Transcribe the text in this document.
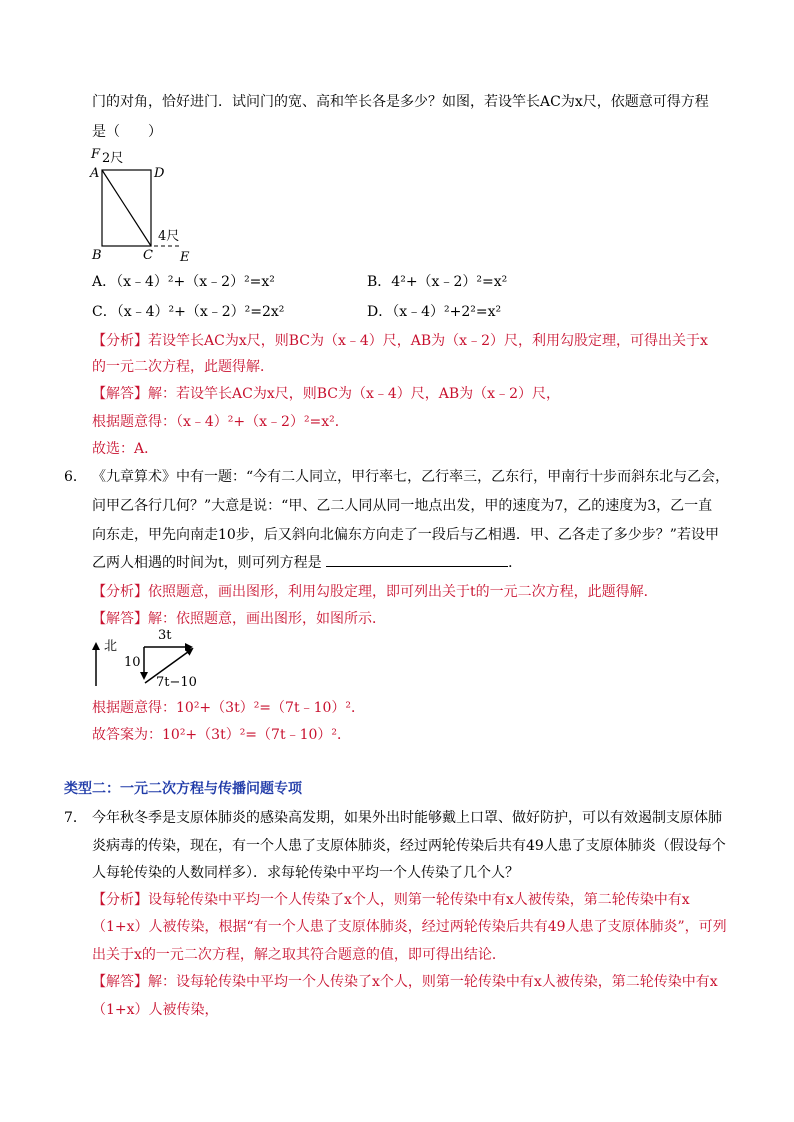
门的对角，恰好进门．试问门的宽、高和竿长各是多少？如图，若设竿长AC为x尺，依题意可得方程
是（　　）
F 2尺
A	D
B	C
4尺
E
A．（x﹣4）²+（x﹣2）²=x²	B．4²+（x﹣2）²=x²
C．（x﹣4）²+（x﹣2）²=2x²	D．（x﹣4）²+2²=x²
【分析】若设竿长AC为x尺，则BC为（x﹣4）尺，AB为（x﹣2）尺，利用勾股定理，可得出关于x
的一元二次方程，此题得解．
【解答】解：若设竿长AC为x尺，则BC为（x﹣4）尺，AB为（x﹣2）尺，
根据题意得：（x﹣4）²+（x﹣2）²=x²．
故选：A．
6． 《九章算术》中有一题：“今有二人同立，甲行率七，乙行率三，乙东行，甲南行十步而斜东北与乙会，
问甲乙各行几何？”大意是说：“甲、乙二人同从同一地点出发，甲的速度为7，乙的速度为3，乙一直
向东走，甲先向南走10步，后又斜向北偏东方向走了一段后与乙相遇．甲、乙各走了多少步？”若设甲
乙两人相遇的时间为t，则可列方程是	．
【分析】依照题意，画出图形，利用勾股定理，即可列出关于t的一元二次方程，此题得解．
【解答】解：依照题意，画出图形，如图所示．
北
3t
10
7t−10
根据题意得：10²+（3t）²=（7t﹣10）²．
故答案为：10²+（3t）²=（7t﹣10）²．
类型二：一元二次方程与传播问题专项
7． 今年秋冬季是支原体肺炎的感染高发期，如果外出时能够戴上口罩、做好防护，可以有效遏制支原体肺
炎病毒的传染，现在，有一个人患了支原体肺炎，经过两轮传染后共有49人患了支原体肺炎（假设每个
人每轮传染的人数同样多）．求每轮传染中平均一个人传染了几个人？
【分析】设每轮传染中平均一个人传染了x个人，则第一轮传染中有x人被传染，第二轮传染中有x
（1+x）人被传染，根据“有一个人患了支原体肺炎，经过两轮传染后共有49人患了支原体肺炎”，可列
出关于x的一元二次方程，解之取其符合题意的值，即可得出结论．
【解答】解：设每轮传染中平均一个人传染了x个人，则第一轮传染中有x人被传染，第二轮传染中有x
（1+x）人被传染，
